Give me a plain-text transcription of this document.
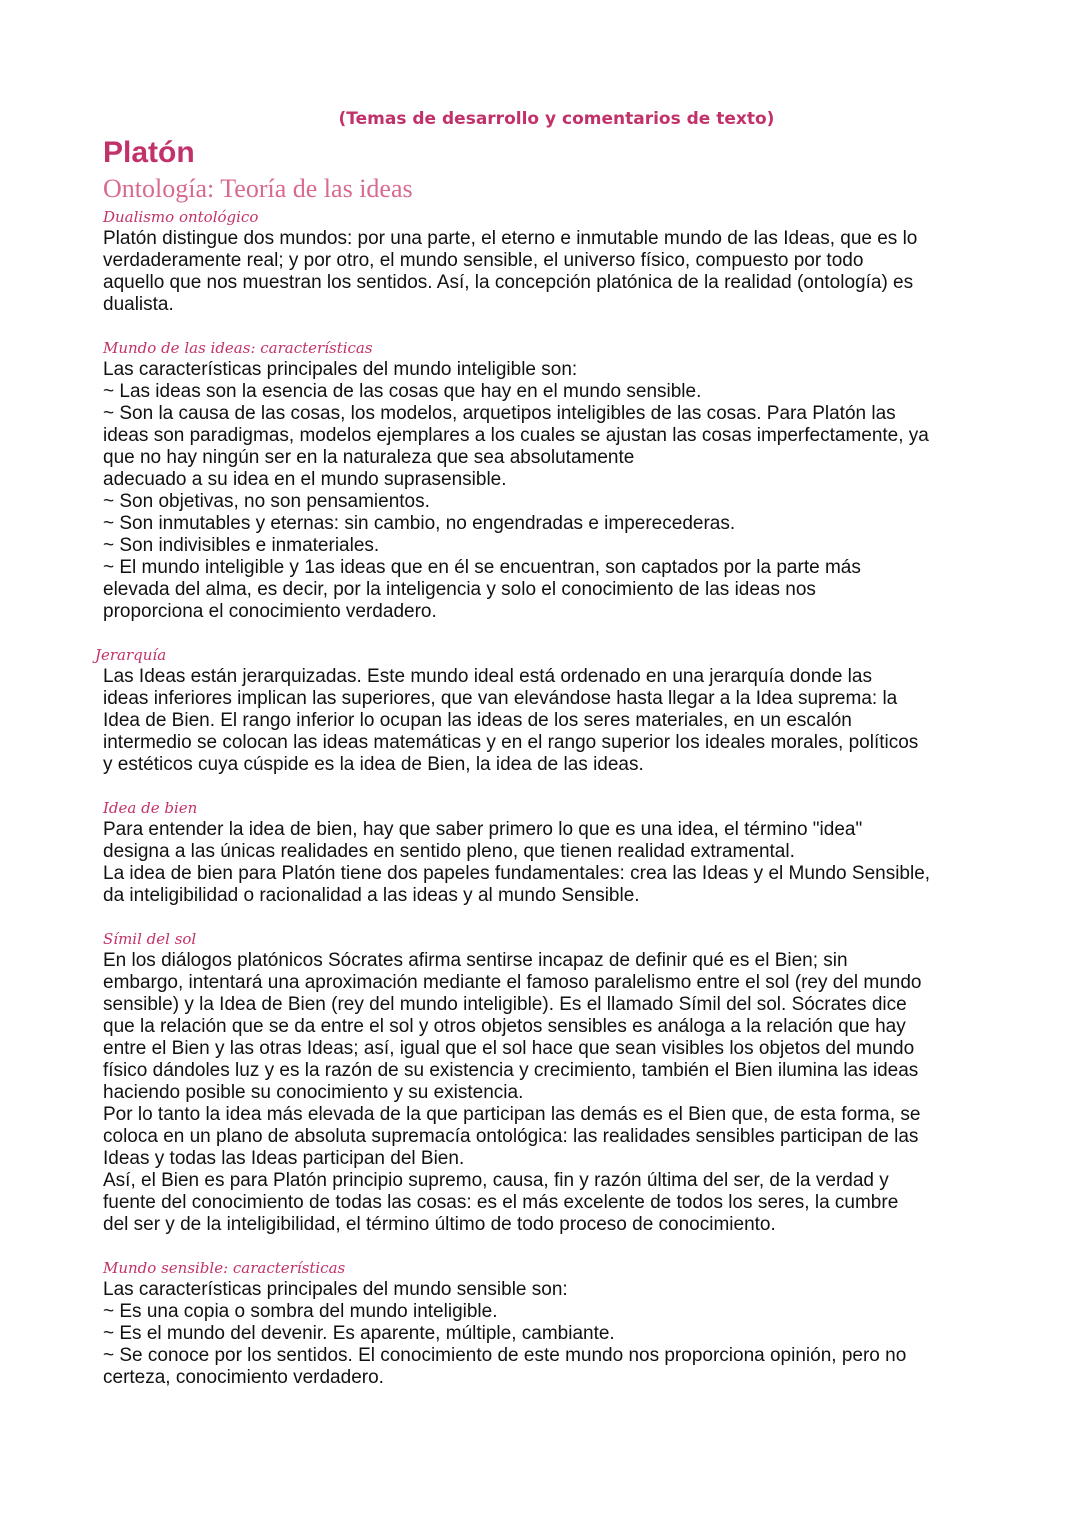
(Temas de desarrollo y comentarios de texto)

Platón
Ontología: Teoría de las ideas
Dualismo ontológico
Platón distingue dos mundos: por una parte, el eterno e inmutable mundo de las Ideas, que es lo
verdaderamente real; y por otro, el mundo sensible, el universo físico, compuesto por todo
aquello que nos muestran los sentidos. Así, la concepción platónica de la realidad (ontología) es
dualista.
Mundo de las ideas: características
Las características principales del mundo inteligible son:
~ Las ideas son la esencia de las cosas que hay en el mundo sensible.
~ Son la causa de las cosas, los modelos, arquetipos inteligibles de las cosas. Para Platón las
ideas son paradigmas, modelos ejemplares a los cuales se ajustan las cosas imperfectamente, ya
que no hay ningún ser en la naturaleza que sea absolutamente
adecuado a su idea en el mundo suprasensible.
~ Son objetivas, no son pensamientos.
~ Son inmutables y eternas: sin cambio, no engendradas e imperecederas.
~ Son indivisibles e inmateriales.
~ El mundo inteligible y 1as ideas que en él se encuentran, son captados por la parte más
elevada del alma, es decir, por la inteligencia y solo el conocimiento de las ideas nos
proporciona el conocimiento verdadero.
Jerarquía
Las Ideas están jerarquizadas. Este mundo ideal está ordenado en una jerarquía donde las
ideas inferiores implican las superiores, que van elevándose hasta llegar a la Idea suprema: la
Idea de Bien. El rango inferior lo ocupan las ideas de los seres materiales, en un escalón
intermedio se colocan las ideas matemáticas y en el rango superior los ideales morales, políticos
y estéticos cuya cúspide es la idea de Bien, la idea de las ideas.
Idea de bien
Para entender la idea de bien, hay que saber primero lo que es una idea, el término "idea"
designa a las únicas realidades en sentido pleno, que tienen realidad extramental.
La idea de bien para Platón tiene dos papeles fundamentales: crea las Ideas y el Mundo Sensible,
da inteligibilidad o racionalidad a las ideas y al mundo Sensible.
Símil del sol
En los diálogos platónicos Sócrates afirma sentirse incapaz de definir qué es el Bien; sin
embargo, intentará una aproximación mediante el famoso paralelismo entre el sol (rey del mundo
sensible) y la Idea de Bien (rey del mundo inteligible). Es el llamado Símil del sol. Sócrates dice
que la relación que se da entre el sol y otros objetos sensibles es análoga a la relación que hay
entre el Bien y las otras Ideas; así, igual que el sol hace que sean visibles los objetos del mundo
físico dándoles luz y es la razón de su existencia y crecimiento, también el Bien ilumina las ideas
haciendo posible su conocimiento y su existencia.
Por lo tanto la idea más elevada de la que participan las demás es el Bien que, de esta forma, se
coloca en un plano de absoluta supremacía ontológica: las realidades sensibles participan de las
Ideas y todas las Ideas participan del Bien.
Así, el Bien es para Platón principio supremo, causa, fin y razón última del ser, de la verdad y
fuente del conocimiento de todas las cosas: es el más excelente de todos los seres, la cumbre
del ser y de la inteligibilidad, el término último de todo proceso de conocimiento.
Mundo sensible: características
Las características principales del mundo sensible son:
~ Es una copia o sombra del mundo inteligible.
~ Es el mundo del devenir. Es aparente, múltiple, cambiante.
~ Se conoce por los sentidos. El conocimiento de este mundo nos proporciona opinión, pero no
certeza, conocimiento verdadero.
